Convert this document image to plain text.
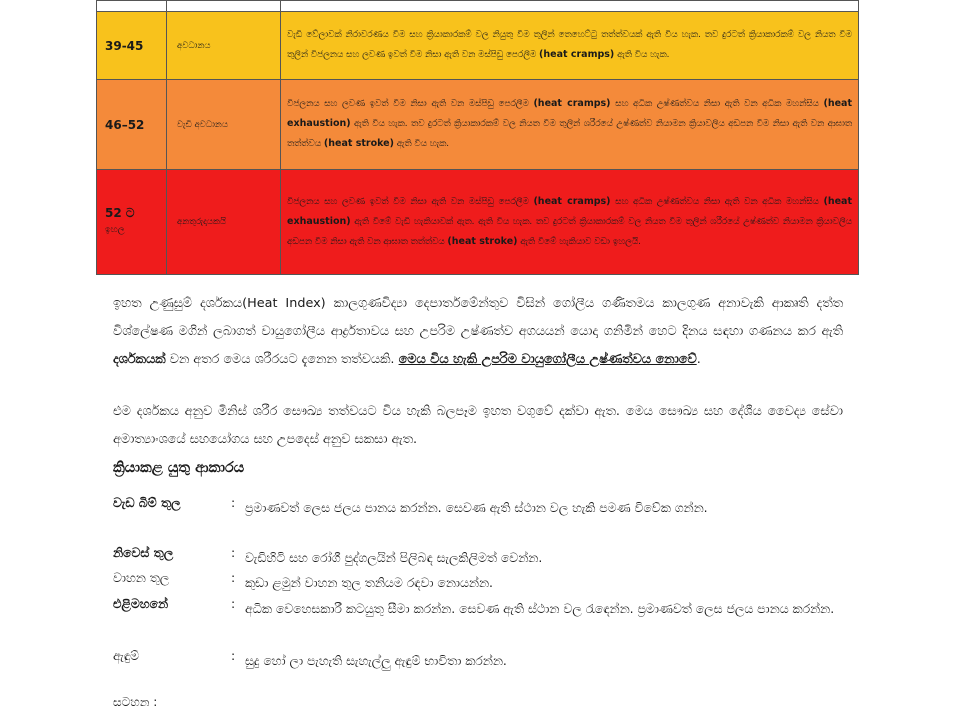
39-45	අවධානය	වැඩි වේලාවක් නිරාවරණය වීම සහ ක්‍රියාකාරකම් වල නියුතු වීම තුලින් තෙහෙට්ටු තත්ත්වයක් ඇති විය හැක. තව දුරටත් ක්‍රියාකාරකම් වල නියත වීම තුලින් විජලනය සහ ලවණ ඉවත් වීම නිසා ඇති වන මස්පිඩු පෙරලීම (heat cramps) ඇති විය හැක.
46–52	වැඩි අවධානය	විජලනය සහ ලවණ ඉවත් වීම නිසා ඇති වන මස්පිඩු පෙරලීම (heat cramps) සහ අධික උෂ්ණත්වය නිසා ඇති වන අධික මහන්සිය (heat exhaustion) ඇති විය හැක. තව දුරටත් ක්‍රියාකාරකම් වල නියත වීම තුලින් ශරීරයේ උෂ්ණත්ව නියාමන ක්‍රියාවලිය අඩපන වීම නිසා ඇති වන ආඝාත තත්ත්වය (heat stroke) ඇති විය හැක.

52 ට
ඉහල	අනතුරුදායකයි	විජලනය සහ ලවණ ඉවත් වීම නිසා ඇති වන මස්පිඩු පෙරලීම (heat cramps) සහ අධික උෂ්ණත්වය නිසා ඇති වන අධික මහන්සිය (heat exhaustion) ඇති වීමේ වැඩි හැකියාවක් ඇත. ඇති විය හැක. තව දුරටත් ක්‍රියාකාරකම් වල නියත වීම තුලින් ශරීරයේ උෂ්ණත්ව නියාමන ක්‍රියාවලිය අඩපන වීම නිසා ඇති වන ආඝාත තත්ත්වය (heat stroke) ඇති වීමේ හැකියාව වඩා ඉහලයි.
ඉහත උණුසුම් දර්ශකය(Heat Index) කාලගුණවිද්‍යා දෙපාර්තමේන්තුව විසින් ගෝලීය ගණිතමය කාලගුණ අනාවැකි ආකෘති දත්ත විශ්ලේෂණ මගින් ලබාගත් වායුගෝලීය ආර්ද්‍රතාවය සහ උපරිම උෂ්ණත්ව අගයයන් යොදා ගනිමින් හෙට දිනය සඳහා ගණනය කර ඇති දර්ශකයක් වන අතර මෙය ශරීරයට දැනෙන තත්වයකි. මෙය විය හැකි උපරිම වායුගෝලීය උෂ්ණත්වය නොවේ.
එම දර්ශකය අනුව මිනිස් ශරීර සෞඛ්‍ය තත්වයට විය හැකි බලපෑම ඉහත වගුවේ දක්වා ඇත. මෙය සෞඛ්‍ය සහ දේශීය වෛද්‍ය සේවා අමාත්‍යාංශයේ සහයෝගය සහ උපදෙස් අනුව සකසා ඇත.
ක්‍රියාකළ යුතු ආකාරය
වැඩ බිම් තුල	: ප්‍රමාණවත් ලෙස ජලය පානය කරන්න. සෙවණ ඇති ස්ථාන වල හැකි පමණ විවේක ගන්න.
නිවෙස් තුල	: වැඩිහිටි සහ රෝගී පුද්ගලයින් පිලිබඳ සැලකිලිමත් වෙන්න.
වාහන තුල	: කුඩා ළමුන් වාහන තුල තනියම රඳවා නොයන්න.
එළිමහනේ	: අධික වෙහෙසකාරී කටයුතු සීමා කරන්න. සෙවණ ඇති ස්ථාන වල රැඳෙන්න. ප්‍රමාණවත් ලෙස ජලය පානය කරන්න.
ඇඳුම්	: සුදු හෝ ලා පැහැති සැහැල්ලු ඇඳුම් භාවිතා කරන්න.
සටහන :
